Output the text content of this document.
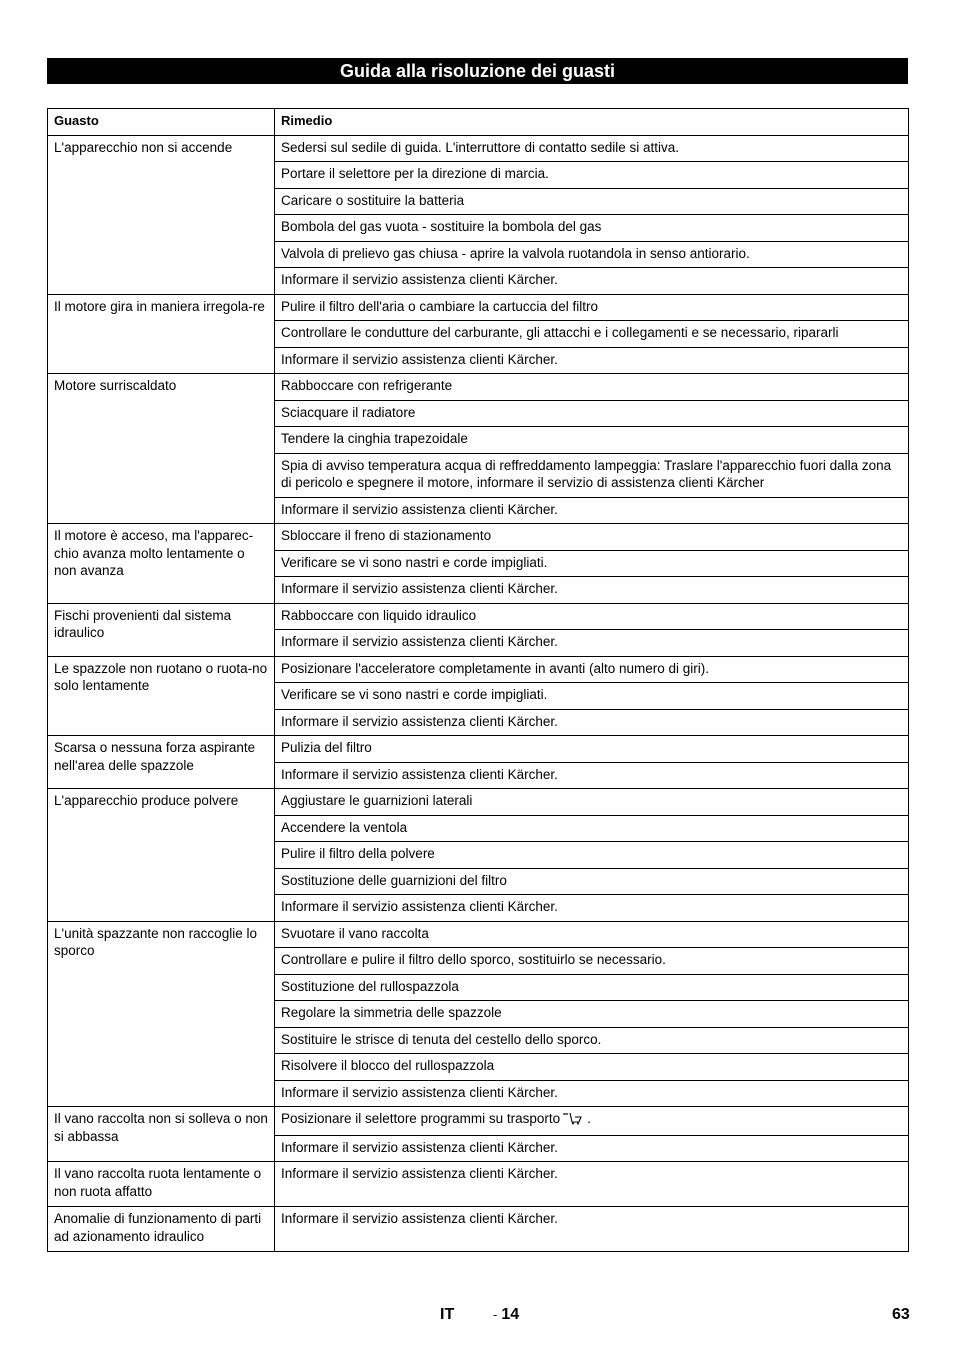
Guida alla risoluzione dei guasti
Guasto	Rimedio
L'apparecchio non si accende	Sedersi sul sedile di guida. L'interruttore di contatto sedile si attiva.
	Portare il selettore per la direzione di marcia.
	Caricare o sostituire la batteria
	Bombola del gas vuota - sostituire la bombola del gas
	Valvola di prelievo gas chiusa - aprire la valvola ruotandola in senso antiorario.
	Informare il servizio assistenza clienti Kärcher.
Il motore gira in maniera irregola-re	Pulire il filtro dell'aria o cambiare la cartuccia del filtro
	Controllare le condutture del carburante, gli attacchi e i collegamenti e se necessario, ripararli
	Informare il servizio assistenza clienti Kärcher.
Motore surriscaldato	Rabboccare con refrigerante
	Sciacquare il radiatore
	Tendere la cinghia trapezoidale
	Spia di avviso temperatura acqua di reffreddamento lampeggia: Traslare l'apparecchio fuori dalla zona di pericolo e spegnere il motore, informare il servizio di assistenza clienti Kärcher
	Informare il servizio assistenza clienti Kärcher.
Il motore è acceso, ma l'apparec-chio avanza molto lentamente o non avanza	Sbloccare il freno di stazionamento
	Verificare se vi sono nastri e corde impigliati.
	Informare il servizio assistenza clienti Kärcher.
Fischi provenienti dal sistema idraulico	Rabboccare con liquido idraulico
	Informare il servizio assistenza clienti Kärcher.
Le spazzole non ruotano o ruota-no solo lentamente	Posizionare l'acceleratore completamente in avanti (alto numero di giri).
	Verificare se vi sono nastri e corde impigliati.
	Informare il servizio assistenza clienti Kärcher.
Scarsa o nessuna forza aspirante nell'area delle spazzole	Pulizia del filtro
	Informare il servizio assistenza clienti Kärcher.
L'apparecchio produce polvere	Aggiustare le guarnizioni laterali
	Accendere la ventola
	Pulire il filtro della polvere
	Sostituzione delle guarnizioni del filtro
	Informare il servizio assistenza clienti Kärcher.
L'unità spazzante non raccoglie lo sporco	Svuotare il vano raccolta
	Controllare e pulire il filtro dello sporco, sostituirlo se necessario.
	Sostituzione del rullospazzola
	Regolare la simmetria delle spazzole
	Sostituire le strisce di tenuta del cestello dello sporco.
	Risolvere il blocco del rullospazzola
	Informare il servizio assistenza clienti Kärcher.
Il vano raccolta non si solleva o non si abbassa	Posizionare il selettore programmi su trasporto .
	Informare il servizio assistenza clienti Kärcher.
Il vano raccolta ruota lentamente o non ruota affatto	Informare il servizio assistenza clienti Kärcher.
Anomalie di funzionamento di parti ad azionamento idraulico	Informare il servizio assistenza clienti Kärcher.
IT	- 14	63
